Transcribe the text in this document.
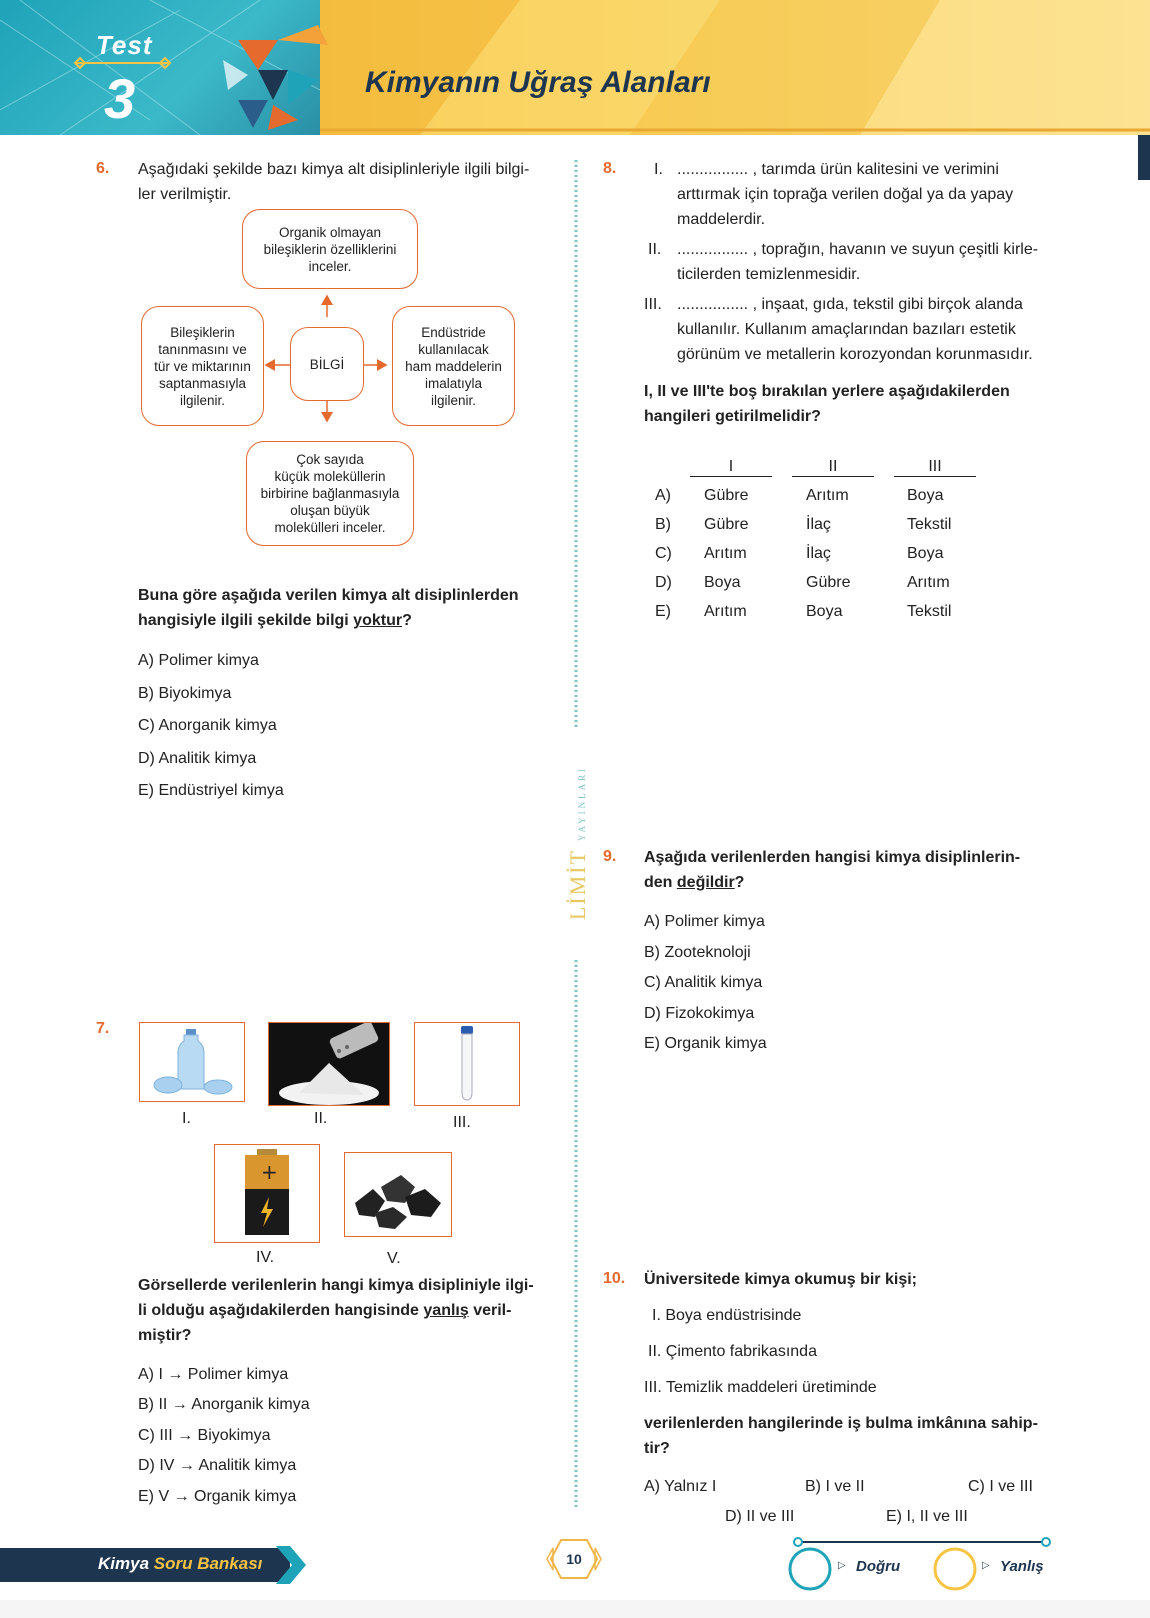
Test
3	Kimyanın Uğraş Alanları
LİMİT YAYINLARI
6. Aşağıdaki şekilde bazı kimya alt disiplinleriyle ilgili bilgi-
ler verilmiştir.
Organik olmayan
bileşiklerin özelliklerini
inceler.
BİLGİ
Bileşiklerin
tanınmasını ve
tür ve miktarının
saptanmasıyla
ilgilenir.
Endüstride
kullanılacak
ham maddelerin
imalatıyla
ilgilenir.
Çok sayıda
küçük moleküllerin
birbirine bağlanmasıyla
oluşan büyük
molekülleri inceler.
Buna göre aşağıda verilen kimya alt disiplinlerden
hangisiyle ilgili şekilde bilgi yoktur?
A) Polimer kimya
B) Biyokimya
C) Anorganik kimya
D) Analitik kimya
E) Endüstriyel kimya
7.
+
I.	II.	III.
IV.	V.
Görsellerde verilenlerin hangi kimya disipliniyle ilgi-
li olduğu aşağıdakilerden hangisinde yanlış veril-
miştir?
A) I → Polimer kimya
B) II → Anorganik kimya
C) III → Biyokimya
D) IV → Analitik kimya
E) V → Organik kimya
8. I. ................ , tarımda ürün kalitesini ve verimini
arttırmak için toprağa verilen doğal ya da yapay
maddelerdir.
II. ................ , toprağın, havanın ve suyun çeşitli kirle-
ticilerden temizlenmesidir.
III. ................ , inşaat, gıda, tekstil gibi birçok alanda
kullanılır. Kullanım amaçlarından bazıları estetik
görünüm ve metallerin korozyondan korunmasıdır.
I, II ve III'te boş bırakılan yerlere aşağıdakilerden
hangileri getirilmelidir?
I	II	III
A) Gübre	Arıtım	Boya
B) Gübre	İlaç	Tekstil
C) Arıtım	İlaç	Boya
D) Boya	Gübre	Arıtım
E) Arıtım	Boya	Tekstil
9. Aşağıda verilenlerden hangisi kimya disiplinlerin-
den değildir?
A) Polimer kimya
B) Zooteknoloji
C) Analitik kimya
D) Fizokokimya
E) Organik kimya
10. Üniversitede kimya okumuş bir kişi;
I. Boya endüstrisinde
II. Çimento fabrikasında
III. Temizlik maddeleri üretiminde
verilenlerden hangilerinde iş bulma imkânına sahip-
tir?
A) Yalnız I	B) I ve II	C) I ve III
D) II ve III	E) I, II ve III
Kimya Soru Bankası	10	▷ Doğru	▷ Yanlış
